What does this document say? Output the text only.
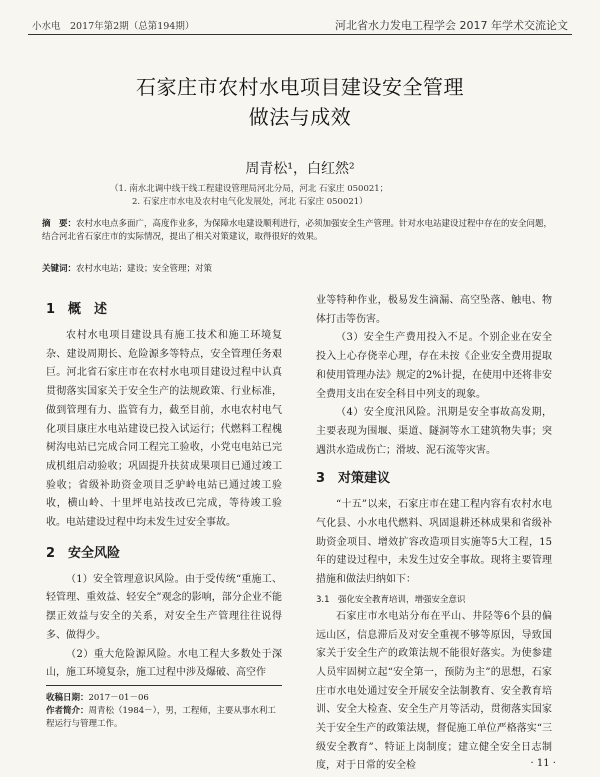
小水电　2017年第2期（总第194期）	河北省水力发电工程学会 2017 年学术交流论文
石家庄市农村水电项目建设安全管理
做法与成效
周青松¹，白红然²
（1. 南水北调中线干线工程建设管理局河北分局，河北 石家庄 050021；
2. 石家庄市水电及农村电气化发展处，河北 石家庄 050021）
摘　要：农村水电点多面广，高度作业多，为保障水电建设顺利进行，必须加强安全生产管理。针对水电站建设过程中存在的安全问题，结合河北省石家庄市的实际情况，提出了相关对策建议，取得很好的效果。
关键词：农村水电站；建设；安全管理；对策
1　概　述

农村水电项目建设具有施工技术和施工环境复杂、建设周期长、危险源多等特点，安全管理任务艰巨。河北省石家庄市在农村水电项目建设过程中认真贯彻落实国家关于安全生产的法规政策、行业标准，做到管理有力、监管有力，截至目前，水电农村电气化项目康庄水电站建设已投入试运行；代燃料工程槐树沟电站已完成合同工程完工验收，小党屯电站已完成机组启动验收；巩固提升扶贫成果项目已通过竣工验收；省级补助资金项目乏驴岭电站已通过竣工验收，横山岭、十里坪电站技改已完成，等待竣工验收。电站建设过程中均未发生过安全事故。

2　安全风险

（1）安全管理意识风险。由于受传统“重施工、轻管理、重效益、轻安全”观念的影响，部分企业不能摆正效益与安全的关系，对安全生产管理往往说得多、做得少。

（2）重大危险源风险。水电工程大多数处于深山，施工环境复杂，施工过程中涉及爆破、高空作

业等特种作业，极易发生滴漏、高空坠落、触电、物体打击等伤害。

（3）安全生产费用投入不足。个别企业在安全投入上心存侥幸心理，存在未按《企业安全费用提取和使用管理办法》规定的2%计提，在使用中还将非安全费用支出在安全科目中列支的现象。

（4）安全度汛风险。汛期是安全事故高发期，主要表现为围堰、渠道、隧洞等水工建筑物失事；突遇洪水造成伤亡；滑坡、泥石流等灾害。

3　对策建议

“十五”以来，石家庄市在建工程内容有农村水电气化县、小水电代燃料、巩固退耕还林成果和省级补助资金项目、增效扩容改造项目实施等5大工程，15年的建设过程中，未发生过安全事故。现将主要管理措施和做法归纳如下：

3.1　强化安全教育培训，增强安全意识

石家庄市水电站分布在平山、井陉等6个县的偏远山区，信息滞后及对安全重视不够等原因，导致国家关于安全生产的政策法规不能很好落实。为使参建人员牢固树立起“安全第一，预防为主”的思想，石家庄市水电处通过安全开展安全法制教育、安全教育培训、安全大检查、安全生产月等活动，贯彻落实国家关于安全生产的政策法规，督促施工单位严格落实“三级安全教育”、特证上岗制度；建立健全安全日志制度，对于日常的安全检

收稿日期：2017－01－06
作者简介：周青松（1984－），男，工程师，主要从事水利工程运行与管理工作。
· 11 ·
